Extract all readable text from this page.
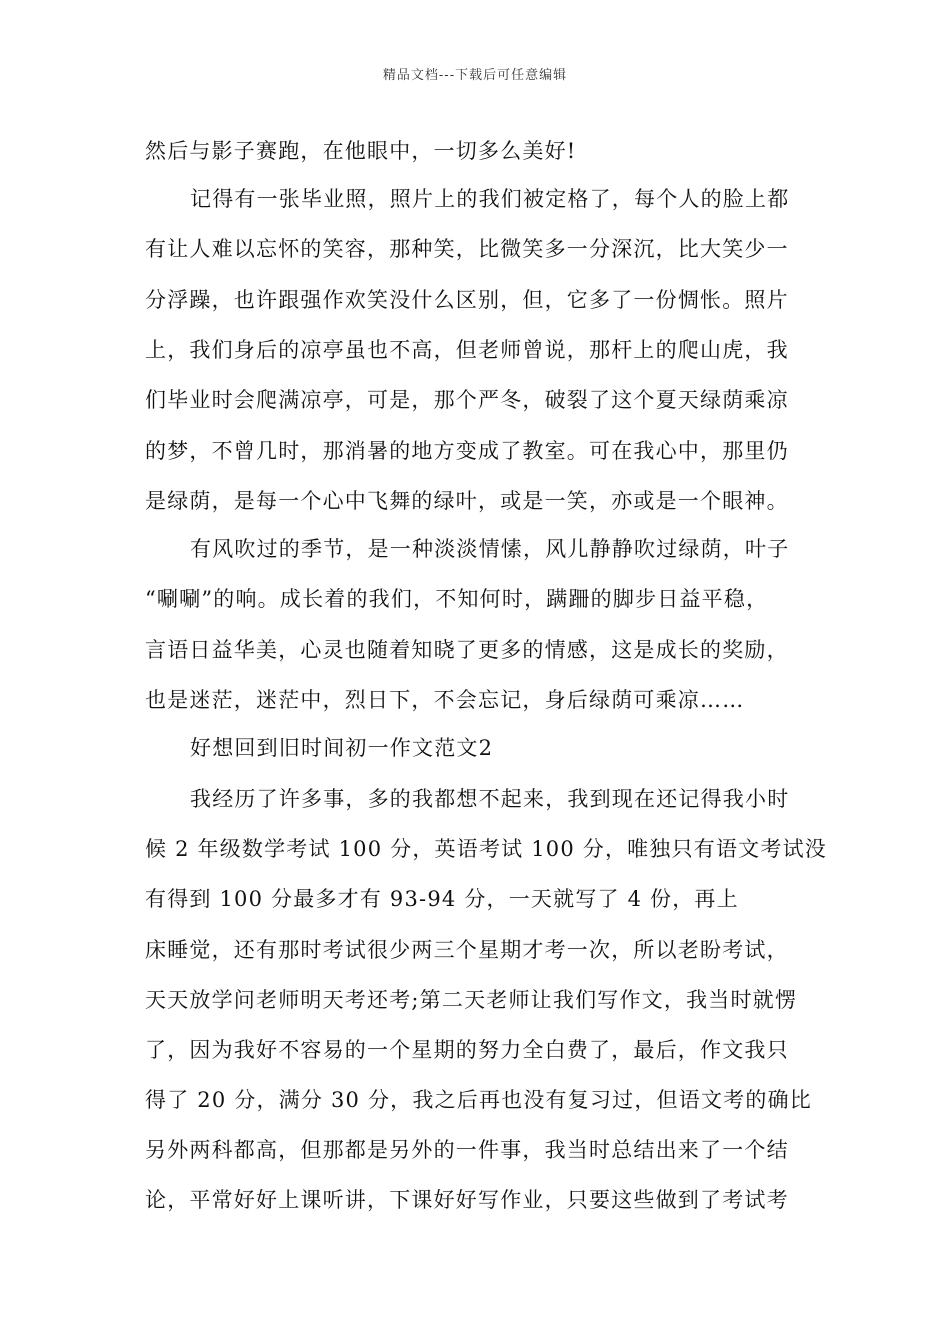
精品文档---下载后可任意编辑
然后与影子赛跑，在他眼中，一切多么美好!
记得有一张毕业照，照片上的我们被定格了，每个人的脸上都
有让人难以忘怀的笑容，那种笑，比微笑多一分深沉，比大笑少一
分浮躁，也许跟强作欢笑没什么区别，但，它多了一份惆怅。照片
上，我们身后的凉亭虽也不高，但老师曾说，那杆上的爬山虎，我
们毕业时会爬满凉亭，可是，那个严冬，破裂了这个夏天绿荫乘凉
的梦，不曾几时，那消暑的地方变成了教室。可在我心中，那里仍
是绿荫，是每一个心中飞舞的绿叶，或是一笑，亦或是一个眼神。
有风吹过的季节，是一种淡淡情愫，风儿静静吹过绿荫，叶子
“唰唰”的响。成长着的我们，不知何时，蹒跚的脚步日益平稳，
言语日益华美，心灵也随着知晓了更多的情感，这是成长的奖励，
也是迷茫，迷茫中，烈日下，不会忘记，身后绿荫可乘凉……
好想回到旧时间初一作文范文2
我经历了许多事，多的我都想不起来，我到现在还记得我小时
候 2 年级数学考试 100 分，英语考试 100 分，唯独只有语文考试没
有得到 100 分最多才有 93-94 分，一天就写了 4 份，再上
床睡觉，还有那时考试很少两三个星期才考一次，所以老盼考试，
天天放学问老师明天考还考;第二天老师让我们写作文，我当时就愣
了，因为我好不容易的一个星期的努力全白费了，最后，作文我只
得了 20 分，满分 30 分，我之后再也没有复习过，但语文考的确比
另外两科都高，但那都是另外的一件事，我当时总结出来了一个结
论，平常好好上课听讲，下课好好写作业，只要这些做到了考试考
